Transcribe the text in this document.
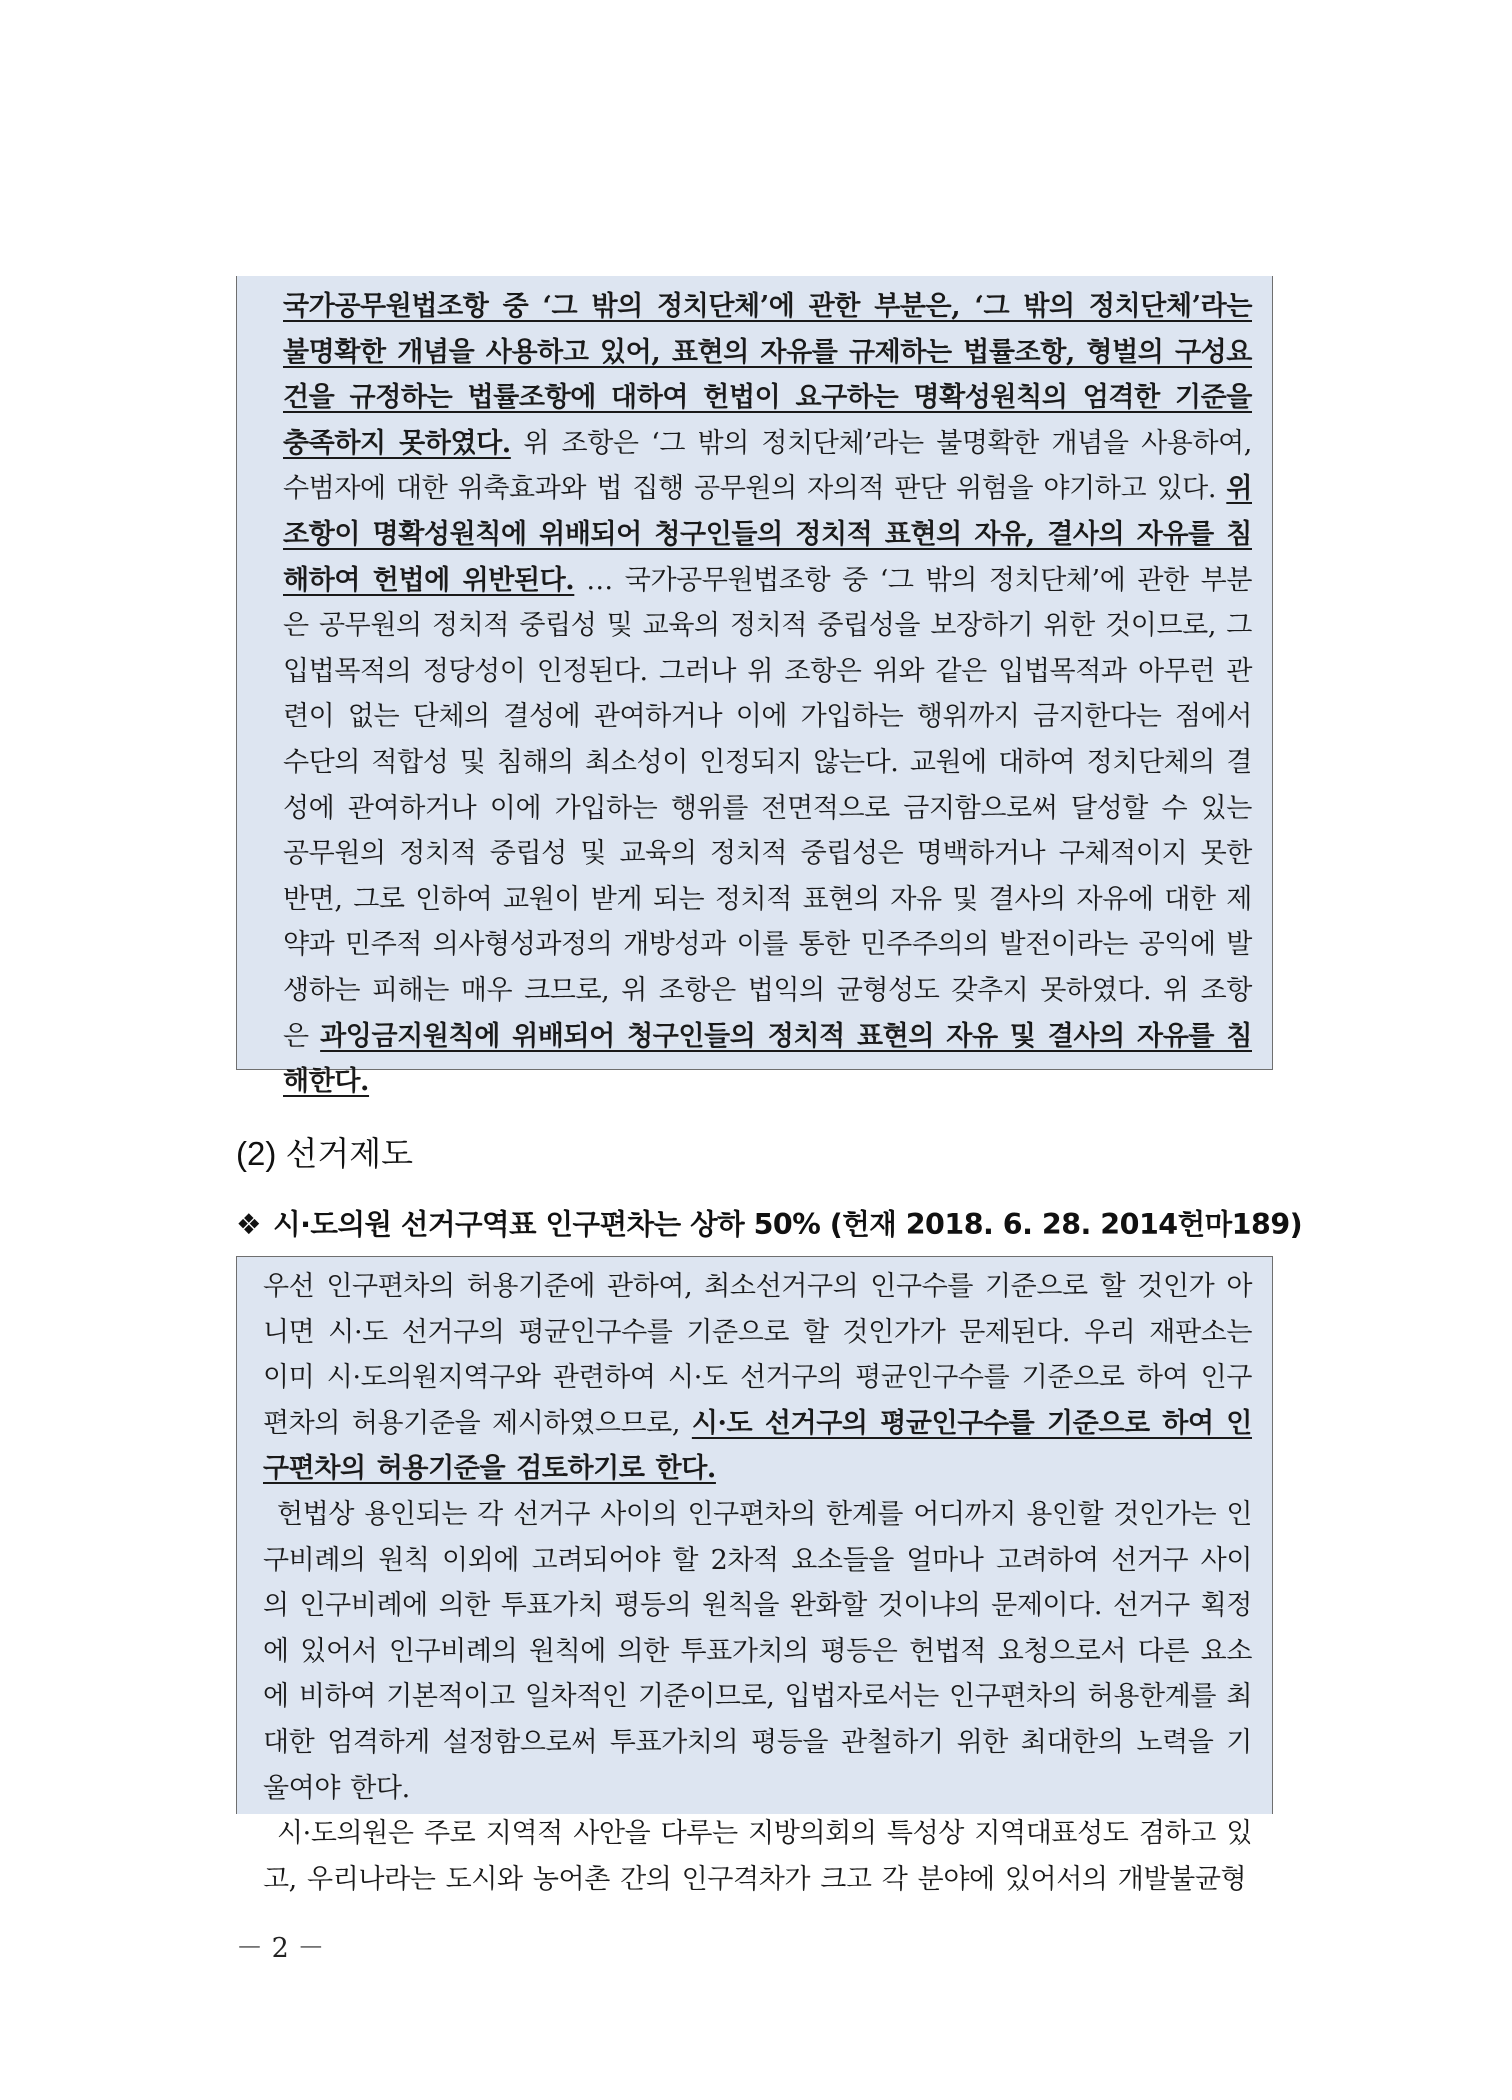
국가공무원법조항 중 ‘그 밖의 정치단체’에 관한 부분은, ‘그 밖의 정치단체’라는 불명확한 개념을 사용하고 있어, 표현의 자유를 규제하는 법률조항, 형벌의 구성요건을 규정하는 법률조항에 대하여 헌법이 요구하는 명확성원칙의 엄격한 기준을 충족하지 못하였다. 위 조항은 ‘그 밖의 정치단체’라는 불명확한 개념을 사용하여, 수범자에 대한 위축효과와 법 집행 공무원의 자의적 판단 위험을 야기하고 있다. 위 조항이 명확성원칙에 위배되어 청구인들의 정치적 표현의 자유, 결사의 자유를 침해하여 헌법에 위반된다. … 국가공무원법조항 중 ‘그 밖의 정치단체’에 관한 부분은 공무원의 정치적 중립성 및 교육의 정치적 중립성을 보장하기 위한 것이므로, 그 입법목적의 정당성이 인정된다. 그러나 위 조항은 위와 같은 입법목적과 아무런 관련이 없는 단체의 결성에 관여하거나 이에 가입하는 행위까지 금지한다는 점에서 수단의 적합성 및 침해의 최소성이 인정되지 않는다. 교원에 대하여 정치단체의 결성에 관여하거나 이에 가입하는 행위를 전면적으로 금지함으로써 달성할 수 있는 공무원의 정치적 중립성 및 교육의 정치적 중립성은 명백하거나 구체적이지 못한 반면, 그로 인하여 교원이 받게 되는 정치적 표현의 자유 및 결사의 자유에 대한 제약과 민주적 의사형성과정의 개방성과 이를 통한 민주주의의 발전이라는 공익에 발생하는 피해는 매우 크므로, 위 조항은 법익의 균형성도 갖추지 못하였다. 위 조항은 과잉금지원칙에 위배되어 청구인들의 정치적 표현의 자유 및 결사의 자유를 침해한다.

(2) 선거제도
❖ 시·도의원 선거구역표 인구편차는 상하 50% (헌재 2018. 6. 28. 2014헌마189)

우선 인구편차의 허용기준에 관하여, 최소선거구의 인구수를 기준으로 할 것인가 아니면 시·도 선거구의 평균인구수를 기준으로 할 것인가가 문제된다. 우리 재판소는 이미 시·도의원지역구와 관련하여 시·도 선거구의 평균인구수를 기준으로 하여 인구편차의 허용기준을 제시하였으므로, 시·도 선거구의 평균인구수를 기준으로 하여 인구편차의 허용기준을 검토하기로 한다.

헌법상 용인되는 각 선거구 사이의 인구편차의 한계를 어디까지 용인할 것인가는 인구비례의 원칙 이외에 고려되어야 할 2차적 요소들을 얼마나 고려하여 선거구 사이의 인구비례에 의한 투표가치 평등의 원칙을 완화할 것이냐의 문제이다. 선거구 획정에 있어서 인구비례의 원칙에 의한 투표가치의 평등은 헌법적 요청으로서 다른 요소에 비하여 기본적이고 일차적인 기준이므로, 입법자로서는 인구편차의 허용한계를 최대한 엄격하게 설정함으로써 투표가치의 평등을 관철하기 위한 최대한의 노력을 기울여야 한다.

시·도의원은 주로 지역적 사안을 다루는 지방의회의 특성상 지역대표성도 겸하고 있고, 우리나라는 도시와 농어촌 간의 인구격차가 크고 각 분야에 있어서의 개발불균형

－ 2 －
